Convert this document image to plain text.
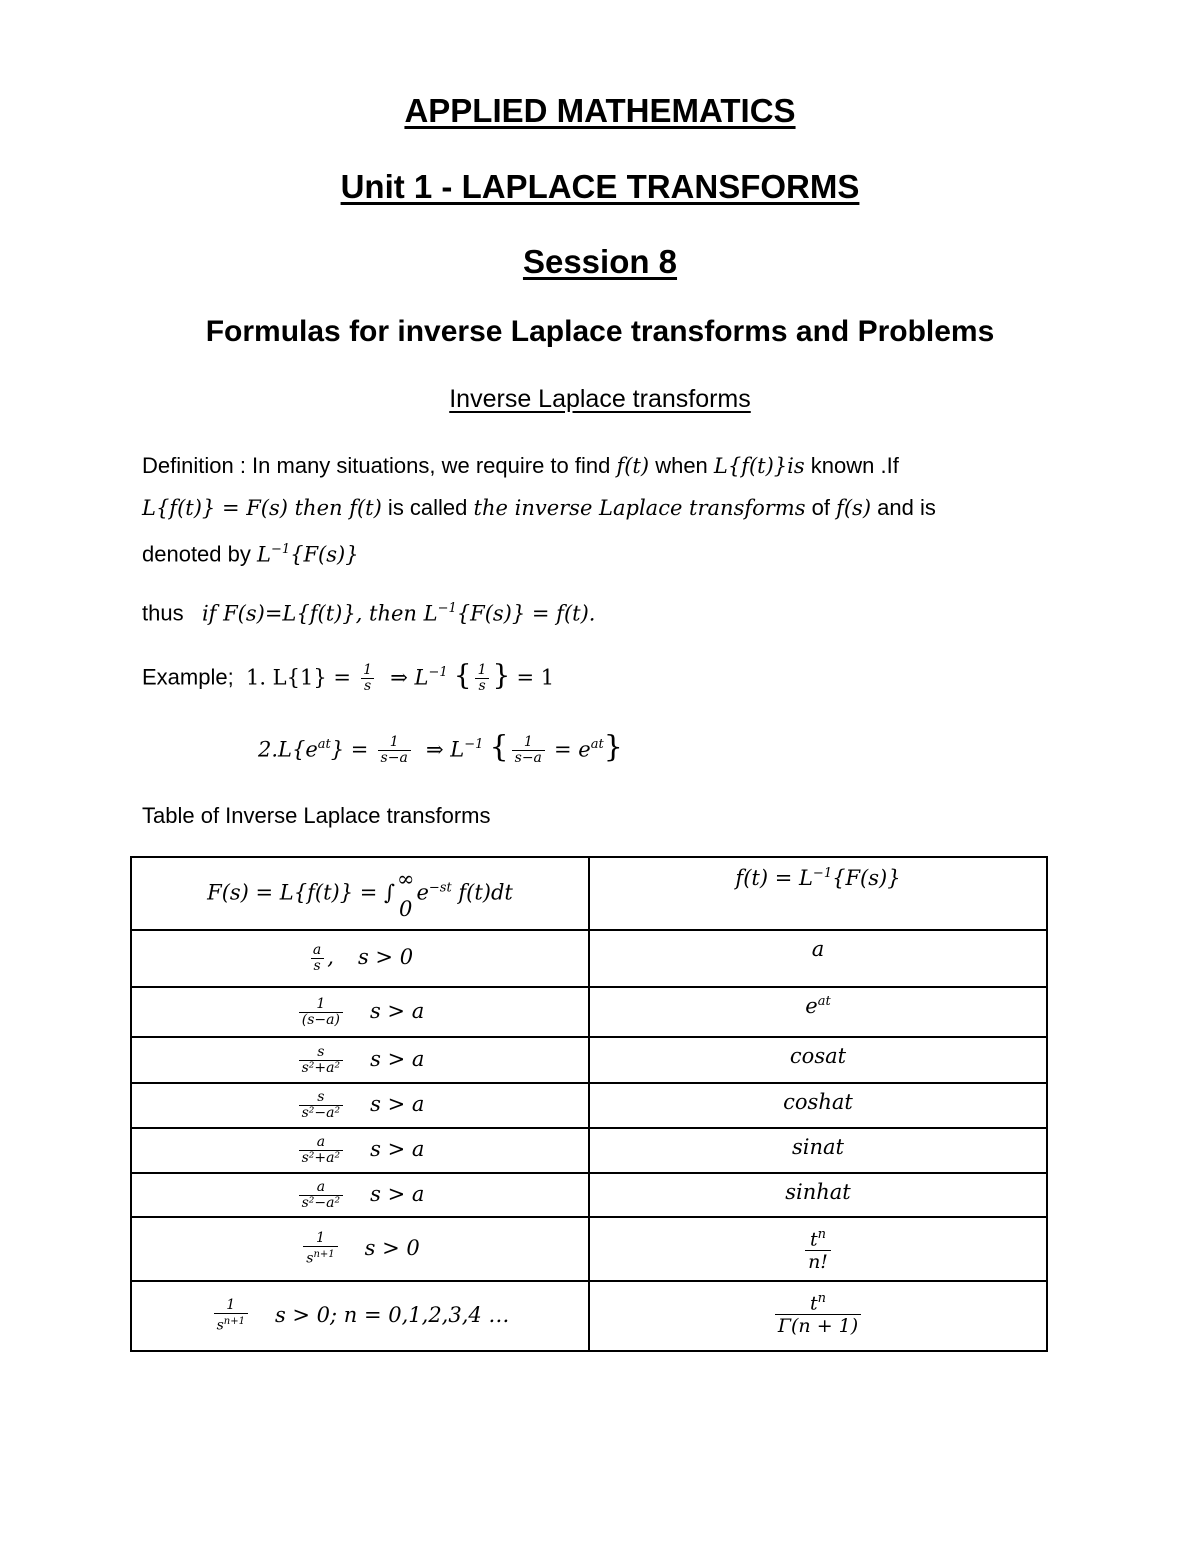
APPLIED MATHEMATICS
Unit 1 - LAPLACE TRANSFORMS
Session 8
Formulas for inverse Laplace transforms and Problems
Inverse Laplace transforms
Definition : In many situations, we require to find f(t) when L{f(t)}is known .If
L{f(t)} = F(s) then f(t) is called the inverse Laplace transforms of f(s) and is
denoted by $L^{-1}\{F(s)\}$
thus if F(s)=L{f(t)}, then $L^{-1}\{F(s)\} = f(t)$.
Example; 1. $L\{1\} = \frac{1}{s}$ ⇒ $L^{-1}$ { $\frac{1}{s}$ } = 1
$2.L\{e^{at}\} = \frac{1}{s-a}$ ⇒ $L^{-1}$ { $\frac{1}{s-a} = e^{at}$}
Table of Inverse Laplace transforms
F(s) = L{f(t)} = ∫
∞
0
$e^{-st}$ f(t)dt	$f(t) = L^{-1}\{F(s)\}$

$\frac{a}{s}$ , s > 0	a

$\frac{1}{(s-a)}$ s > a	$e^{at}$

$\frac{s}{\text{s²+a²}}$ s > a	cosat

$\frac{s}{\text{s²−a²}}$ s > a	coshat

$\frac{a}{\text{s²+a²}}$ s > a	sinat

$\frac{a}{\text{s²−a²}}$ s > a	sinhat

$\frac{1}{s^{n+1}}$ s > 0	$\frac{t^n}{n!}$

$\frac{1}{s^{n+1}}$ s > 0; n = 0,1,2,3,4 …	$\frac{t^n}{\Gamma(n + 1)}$
